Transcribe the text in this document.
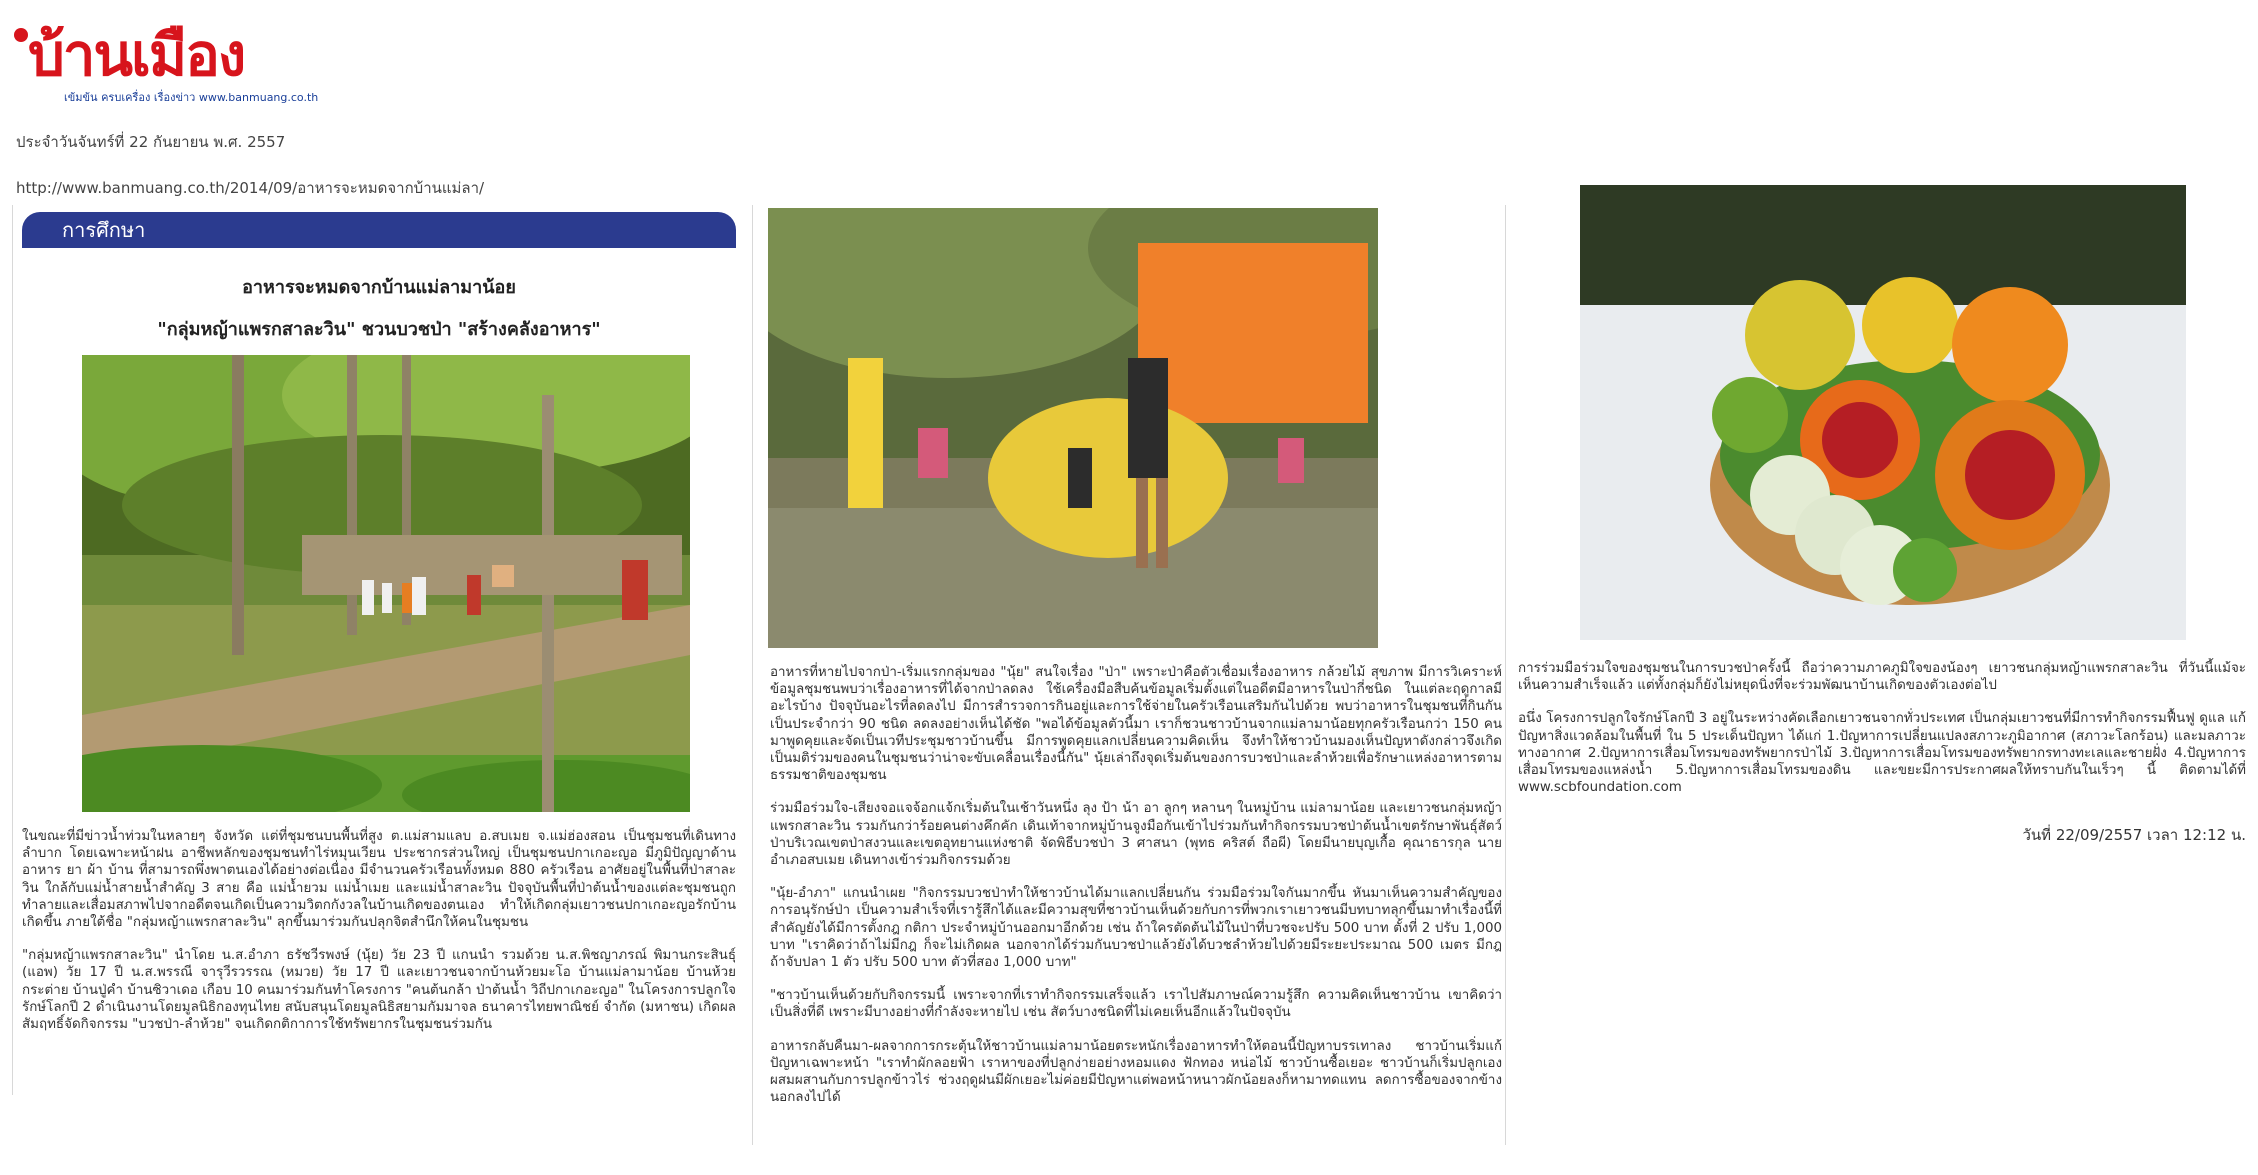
บ้านเมือง
เข้มข้น ครบเครื่อง เรื่องข่าว www.banmuang.co.th
ประจำวันจันทร์ที่ 22 กันยายน พ.ศ. 2557
http://www.banmuang.co.th/2014/09/อาหารจะหมดจากบ้านแม่ลา/
การศึกษา
อาหารจะหมดจากบ้านแม่ลามาน้อย
"กลุ่มหญ้าแพรกสาละวิน" ชวนบวชป่า "สร้างคลังอาหาร"

ในขณะที่มีข่าวน้ำท่วมในหลายๆ จังหวัด แต่ที่ชุมชนบนพื้นที่สูง ต.แม่สามแลบ อ.สบเมย จ.แม่ฮ่องสอน เป็นชุมชนที่เดินทางลำบาก โดยเฉพาะหน้าฝน อาชีพหลักของชุมชนทำไร่หมุนเวียน ประชากรส่วนใหญ่ เป็นชุมชนปกาเกอะญอ มีภูมิปัญญาด้านอาหาร ยา ผ้า บ้าน ที่สามารถพึ่งพาตนเองได้อย่างต่อเนื่อง มีจำนวนครัวเรือนทั้งหมด 880 ครัวเรือน อาศัยอยู่ในพื้นที่ป่าสาละวิน ใกล้กับแม่น้ำสายน้ำสำคัญ 3 สาย คือ แม่น้ำยวม แม่น้ำเมย และแม่น้ำสาละวิน ปัจจุบันพื้นที่ป่าต้นน้ำของแต่ละชุมชนถูกทำลายและเสื่อมสภาพไปจากอดีตจนเกิดเป็นความวิตกกังวลในบ้านเกิดของตนเอง ทำให้เกิดกลุ่มเยาวชนปกาเกอะญอรักบ้านเกิดขึ้น ภายใต้ชื่อ "กลุ่มหญ้าแพรกสาละวิน" ลุกขึ้นมาร่วมกันปลุกจิตสำนึกให้คนในชุมชน

"กลุ่มหญ้าแพรกสาละวิน" นำโดย น.ส.อำภา ธรัชวีรพงษ์ (นุ้ย) วัย 23 ปี แกนนำ รวมด้วย น.ส.พิชญาภรณ์ พิมานกระสินธุ์ (แอพ) วัย 17 ปี น.ส.พรรณี จารุวีรวรรณ (หมวย) วัย 17 ปี และเยาวชนจากบ้านห้วยมะโอ บ้านแม่ลามาน้อย บ้านห้วยกระต่าย บ้านปู่คำ บ้านซิวาเดอ เกือบ 10 คนมาร่วมกันทำโครงการ "คนต้นกล้า ป่าต้นน้ำ วิถีปกาเกอะญอ" ในโครงการปลูกใจรักษ์โลกปี 2 ดำเนินงานโดยมูลนิธิกองทุนไทย สนับสนุนโดยมูลนิธิสยามกัมมาจล ธนาคารไทยพาณิชย์ จำกัด (มหาชน) เกิดผลสัมฤทธิ์จัดกิจกรรม "บวชป่า-ลำห้วย" จนเกิดกติกาการใช้ทรัพยากรในชุมชนร่วมกัน

อาหารที่หายไปจากป่า-เริ่มแรกกลุ่มของ "นุ้ย" สนใจเรื่อง "ป่า" เพราะป่าคือตัวเชื่อมเรื่องอาหาร กล้วยไม้ สุขภาพ มีการวิเคราะห์ข้อมูลชุมชนพบว่าเรื่องอาหารที่ได้จากป่าลดลง ใช้เครื่องมือสืบค้นข้อมูลเริ่มตั้งแต่ในอดีตมีอาหารในป่ากี่ชนิด ในแต่ละฤดูกาลมีอะไรบ้าง ปัจจุบันอะไรที่ลดลงไป มีการสำรวจการกินอยู่และการใช้จ่ายในครัวเรือนเสริมกันไปด้วย พบว่าอาหารในชุมชนที่กินกันเป็นประจำกว่า 90 ชนิด ลดลงอย่างเห็นได้ชัด "พอได้ข้อมูลตัวนี้มา เราก็ชวนชาวบ้านจากแม่ลามาน้อยทุกครัวเรือนกว่า 150 คนมาพูดคุยและจัดเป็นเวทีประชุมชาวบ้านขึ้น มีการพูดคุยแลกเปลี่ยนความคิดเห็น จึงทำให้ชาวบ้านมองเห็นปัญหาดังกล่าวจึงเกิดเป็นมติร่วมของคนในชุมชนว่าน่าจะขับเคลื่อนเรื่องนี้กัน" นุ้ยเล่าถึงจุดเริ่มต้นของการบวชป่าและลำห้วยเพื่อรักษาแหล่งอาหารตามธรรมชาติของชุมชน

ร่วมมือร่วมใจ-เสียงจอแจจ้อกแจ้กเริ่มต้นในเช้าวันหนึ่ง ลุง ป้า น้า อา ลูกๆ หลานๆ ในหมู่บ้าน แม่ลามาน้อย และเยาวชนกลุ่มหญ้าแพรกสาละวิน รวมกันกว่าร้อยคนต่างคึกคัก เดินเท้าจากหมู่บ้านจูงมือกันเข้าไปร่วมกันทำกิจกรรมบวชป่าต้นน้ำเขตรักษาพันธุ์สัตว์ป่าบริเวณเขตป่าสงวนและเขตอุทยานแห่งชาติ จัดพิธีบวชป่า 3 ศาสนา (พุทธ คริสต์ ถือผี) โดยมีนายบุญเกื้อ คุณาธารกุล นายอำเภอสบเมย เดินทางเข้าร่วมกิจกรรมด้วย

"นุ้ย-อำภา" แกนนำเผย "กิจกรรมบวชป่าทำให้ชาวบ้านได้มาแลกเปลี่ยนกัน ร่วมมือร่วมใจกันมากขึ้น หันมาเห็นความสำคัญของการอนุรักษ์ป่า เป็นความสำเร็จที่เรารู้สึกได้และมีความสุขที่ชาวบ้านเห็นด้วยกับการที่พวกเราเยาวชนมีบทบาทลุกขึ้นมาทำเรื่องนี้ที่สำคัญยังได้มีการตั้งกฎ กติกา ประจำหมู่บ้านออกมาอีกด้วย เช่น ถ้าใครตัดต้นไม้ในป่าที่บวชจะปรับ 500 บาท ตั้งที่ 2 ปรับ 1,000 บาท "เราคิดว่าถ้าไม่มีกฎ ก็จะไม่เกิดผล นอกจากได้ร่วมกันบวชป่าแล้วยังได้บวชลำห้วยไปด้วยมีระยะประมาณ 500 เมตร มีกฎถ้าจับปลา 1 ตัว ปรับ 500 บาท ตัวที่สอง 1,000 บาท"

"ชาวบ้านเห็นด้วยกับกิจกรรมนี้ เพราะจากที่เราทำกิจกรรมเสร็จแล้ว เราไปสัมภาษณ์ความรู้สึก ความคิดเห็นชาวบ้าน เขาคิดว่าเป็นสิ่งที่ดี เพราะมีบางอย่างที่กำลังจะหายไป เช่น สัตว์บางชนิดที่ไม่เคยเห็นอีกแล้วในปัจจุบัน

อาหารกลับคืนมา-ผลจากการกระตุ้นให้ชาวบ้านแม่ลามาน้อยตระหนักเรื่องอาหารทำให้ตอนนี้ปัญหาบรรเทาลง ชาวบ้านเริ่มแก้ปัญหาเฉพาะหน้า "เราทำผักลอยฟ้า เราหาของที่ปลูกง่ายอย่างหอมแดง ฟักทอง หน่อไม้ ชาวบ้านซื้อเยอะ ชาวบ้านก็เริ่มปลูกเองผสมผสานกับการปลูกข้าวไร่ ช่วงฤดูฝนมีผักเยอะไม่ค่อยมีปัญหาแต่พอหน้าหนาวผักน้อยลงก็หามาทดแทน ลดการซื้อของจากข้างนอกลงไปได้

การร่วมมือร่วมใจของชุมชนในการบวชป่าครั้งนี้ ถือว่าความภาคภูมิใจของน้องๆ เยาวชนกลุ่มหญ้าแพรกสาละวิน ที่วันนี้แม้จะเห็นความสำเร็จแล้ว แต่ทั้งกลุ่มก็ยังไม่หยุดนิ่งที่จะร่วมพัฒนาบ้านเกิดของตัวเองต่อไป

อนึ่ง โครงการปลูกใจรักษ์โลกปี 3 อยู่ในระหว่างคัดเลือกเยาวชนจากทั่วประเทศ เป็นกลุ่มเยาวชนที่มีการทำกิจกรรมฟื้นฟู ดูแล แก้ปัญหาสิ่งแวดล้อมในพื้นที่ ใน 5 ประเด็นปัญหา ได้แก่ 1.ปัญหาการเปลี่ยนแปลงสภาวะภูมิอากาศ (สภาวะโลกร้อน) และมลภาวะทางอากาศ 2.ปัญหาการเสื่อมโทรมของทรัพยากรป่าไม้ 3.ปัญหาการเสื่อมโทรมของทรัพยากรทางทะเลและชายฝั่ง 4.ปัญหาการเสื่อมโทรมของแหล่งน้ำ 5.ปัญหาการเสื่อมโทรมของดิน และขยะมีการประกาศผลให้ทราบกันในเร็วๆ นี้ ติดตามได้ที่ www.scbfoundation.com

วันที่ 22/09/2557 เวลา 12:12 น.
